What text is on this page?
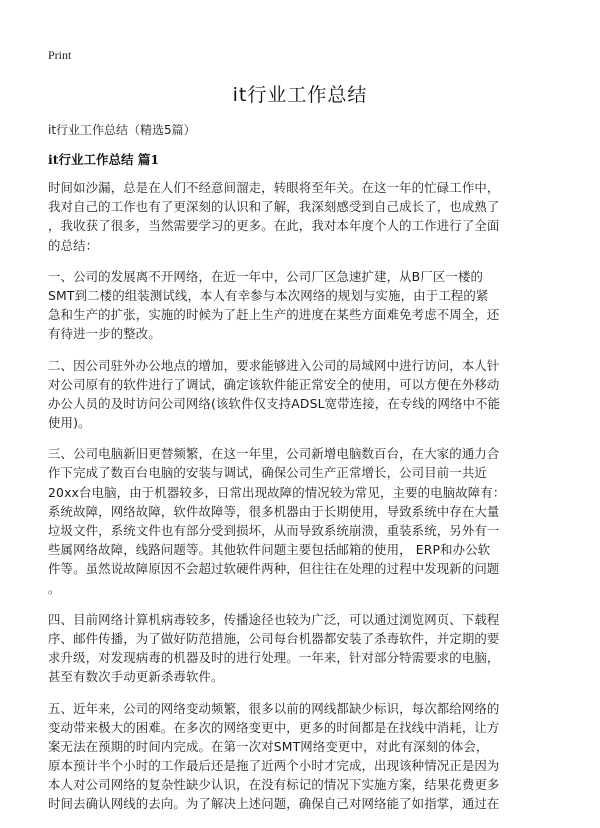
Print
it行业工作总结
it行业工作总结（精选5篇）
it行业工作总结 篇1
时间如沙漏，总是在人们不经意间溜走，转眼将至年关。在这一年的忙碌工作中，
我对自己的工作也有了更深刻的认识和了解，我深刻感受到自己成长了，也成熟了
，我收获了很多，当然需要学习的更多。在此，我对本年度个人的工作进行了全面
的总结：
一、公司的发展离不开网络，在近一年中，公司厂区急速扩建，从B厂区一楼的
SMT到二楼的组装测试线，本人有幸参与本次网络的规划与实施，由于工程的紧
急和生产的扩张，实施的时候为了赶上生产的进度在某些方面难免考虑不周全，还
有待进一步的整改。
二、因公司驻外办公地点的增加，要求能够进入公司的局域网中进行访问，本人针
对公司原有的软件进行了调试，确定该软件能正常安全的使用，可以方便在外移动
办公人员的及时访问公司网络(该软件仅支持ADSL宽带连接，在专线的网络中不能
使用)。
三、公司电脑新旧更替频繁，在这一年里，公司新增电脑数百台，在大家的通力合
作下完成了数百台电脑的安装与调试，确保公司生产正常增长，公司目前一共近
20xx台电脑，由于机器较多，日常出现故障的情况较为常见，主要的电脑故障有：
系统故障，网络故障，软件故障等，很多机器由于长期使用，导致系统中存在大量
垃圾文件，系统文件也有部分受到损坏，从而导致系统崩溃，重装系统，另外有一
些属网络故障，线路问题等。其他软件问题主要包括邮箱的使用， ERP和办公软
件等。虽然说故障原因不会超过软硬件两种，但往往在处理的过程中发现新的问题
。
四、目前网络计算机病毒较多，传播途径也较为广泛，可以通过浏览网页、下载程
序、邮件传播，为了做好防范措施，公司每台机器都安装了杀毒软件，并定期的要
求升级，对发现病毒的机器及时的进行处理。一年来，针对部分特需要求的电脑，
甚至有数次手动更新杀毒软件。
五、近年来，公司的网络变动频繁，很多以前的网线都缺少标识，每次都给网络的
变动带来极大的困难。在多次的网络变更中，更多的时间都是在找线中消耗，让方
案无法在预期的时间内完成。在第一次对SMT网络变更中，对此有深刻的体会，
原本预计半个小时的工作最后还是拖了近两个小时才完成，出现该种情况正是因为
本人对公司网络的复杂性缺少认识，在没有标记的情况下实施方案，结果花费更多
时间去确认网线的去向。为了解决上述问题，确保自己对网络能了如指掌，通过在
